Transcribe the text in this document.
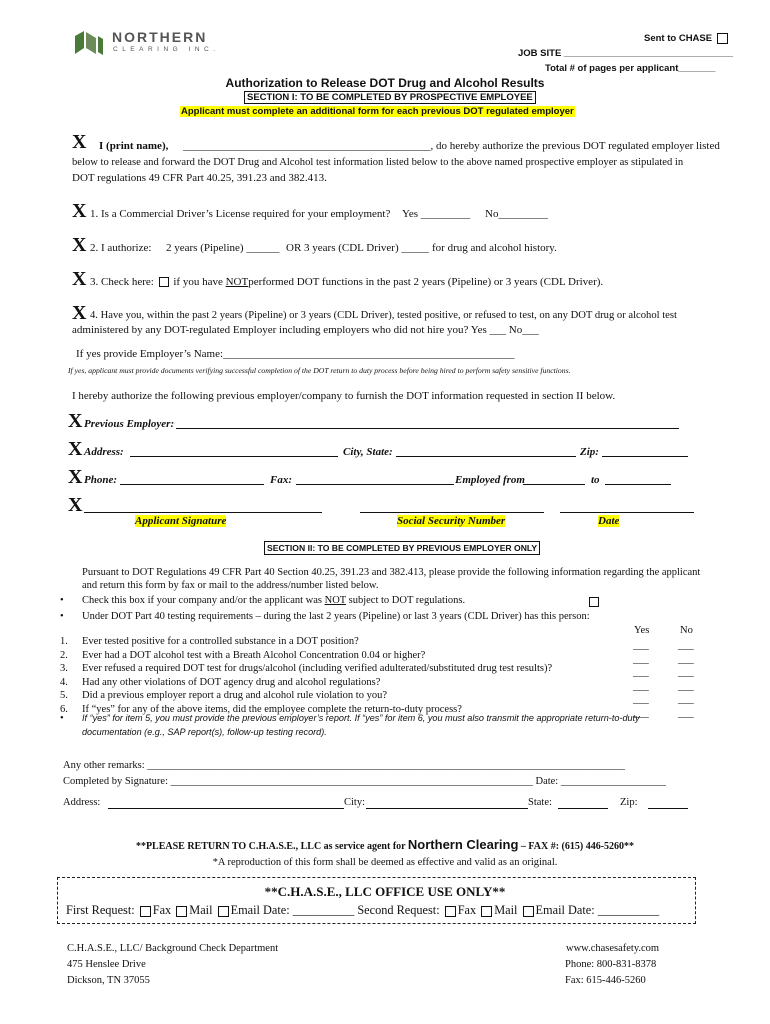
NORTHERN
CLEARING INC.
Sent to CHASE
JOB SITE ________________________________
Total # of pages per applicant_______
Authorization to Release DOT Drug and Alcohol Results
SECTION I: TO BE COMPLETED BY PROSPECTIVE EMPLOYEE
Applicant must complete an additional form for each previous DOT regulated employer
X I (print name), _____________________________________________, do hereby authorize the previous DOT regulated employer listed
below to release and forward the DOT Drug and Alcohol test information listed below to the above named prospective employer as stipulated in
DOT regulations 49 CFR Part 40.25, 391.23 and 382.413.
X 1. Is a Commercial Driver’s License required for your employment? Yes _________ No_________
X 2. I authorize: 2 years (Pipeline) ______ OR 3 years (CDL Driver) _____ for drug and alcohol history.
X 3. Check here: if you have NOTperformed DOT functions in the past 2 years (Pipeline) or 3 years (CDL Driver).
X 4. Have you, within the past 2 years (Pipeline) or 3 years (CDL Driver), tested positive, or refused to test, on any DOT drug or alcohol test
administered by any DOT-regulated Employer including employers who did not hire you? Yes ___ No___
If yes provide Employer’s Name:_____________________________________________________
If yes, applicant must provide documents verifying successful completion of the DOT return to duty process before being hired to perform safety sensitive functions.
I hereby authorize the following previous employer/company to furnish the DOT information requested in section II below.
X Previous Employer:
X Address:	City, State:	Zip:
X Phone:	Fax:	Employed from	to
X
Applicant Signature	Social Security Number	Date
SECTION II: TO BE COMPLETED BY PREVIOUS EMPLOYER ONLY
Pursuant to DOT Regulations 49 CFR Part 40 Section 40.25, 391.23 and 382.413, please provide the following information regarding the applicant
and return this form by fax or mail to the address/number listed below.
• Check this box if your company and/or the applicant was NOT subject to DOT regulations.
• Under DOT Part 40 testing requirements – during the last 2 years (Pipeline) or last 3 years (CDL Driver) has this person:
Yes	No
1. Ever tested positive for a controlled substance in a DOT position?	___	___
2. Ever had a DOT alcohol test with a Breath Alcohol Concentration 0.04 or higher?	___	___
3. Ever refused a required DOT test for drugs/alcohol (including verified adulterated/substituted drug test results)?	___	___
4. Had any other violations of DOT agency drug and alcohol regulations?	___	___
5. Did a previous employer report a drug and alcohol rule violation to you?	___	___
6. If “yes” for any of the above items, did the employee complete the return-to-duty process?	___	___
• If “yes” for item 5, you must provide the previous employer’s report. If “yes” for item 6, you must also transmit the appropriate return-to-duty
documentation (e.g., SAP report(s), follow-up testing record).
Any other remarks: ___________________________________________________________________________________________
Completed by Signature: _____________________________________________________________________ Date: ____________________
Address:	City:	State:	Zip:
**PLEASE RETURN TO C.H.A.S.E., LLC as service agent for Northern Clearing – FAX #: (615) 446-5260**
*A reproduction of this form shall be deemed as effective and valid as an original.
**C.H.A.S.E., LLC OFFICE USE ONLY**
First Request: Fax Mail Email Date: __________ Second Request: Fax Mail Email Date: __________
C.H.A.S.E., LLC/ Background Check Department
475 Henslee Drive
Dickson, TN 37055
www.chasesafety.com
Phone: 800-831-8378
Fax: 615-446-5260
